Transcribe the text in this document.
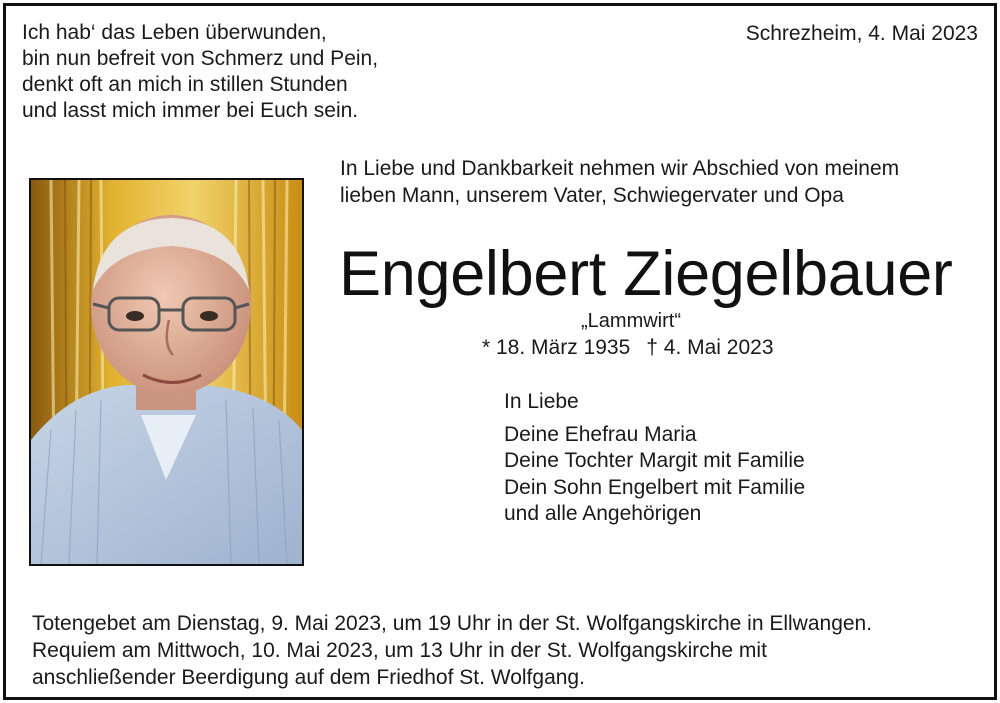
Ich hab‘ das Leben überwunden,
bin nun befreit von Schmerz und Pein,
denkt oft an mich in stillen Stunden
und lasst mich immer bei Euch sein.
Schrezheim, 4. Mai 2023
In Liebe und Dankbarkeit nehmen wir Abschied von meinem
lieben Mann, unserem Vater, Schwiegervater und Opa
Engelbert Ziegelbauer
„Lammwirt“
* 18. März 1935 † 4. Mai 2023
In Liebe
Deine Ehefrau Maria
Deine Tochter Margit mit Familie
Dein Sohn Engelbert mit Familie
und alle Angehörigen
Totengebet am Dienstag, 9. Mai 2023, um 19 Uhr in der St. Wolfgangskirche in Ellwangen.
Requiem am Mittwoch, 10. Mai 2023, um 13 Uhr in der St. Wolfgangskirche mit
anschließender Beerdigung auf dem Friedhof St. Wolfgang.
